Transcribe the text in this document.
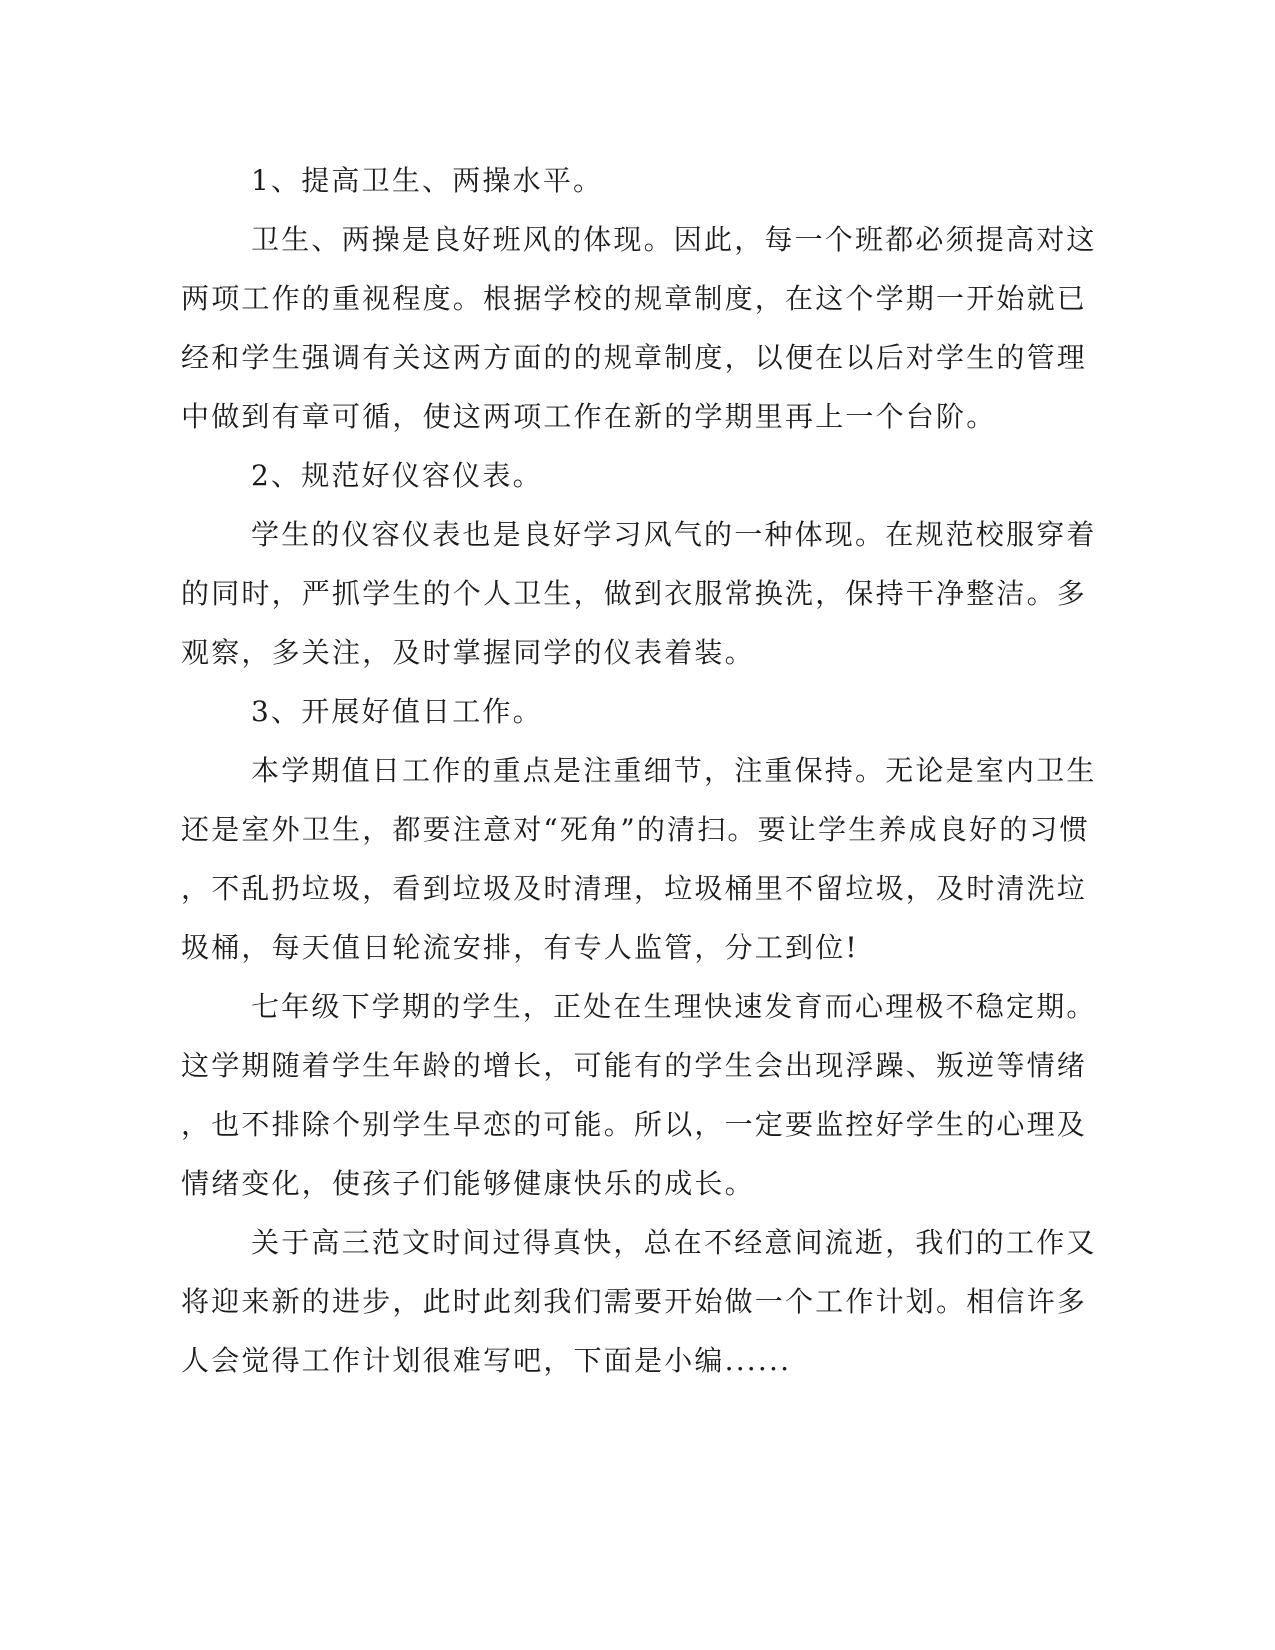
1、提高卫生、两操水平。
卫生、两操是良好班风的体现。因此，每一个班都必须提高对这
两项工作的重视程度。根据学校的规章制度，在这个学期一开始就已
经和学生强调有关这两方面的的规章制度，以便在以后对学生的管理
中做到有章可循，使这两项工作在新的学期里再上一个台阶。
2、规范好仪容仪表。
学生的仪容仪表也是良好学习风气的一种体现。在规范校服穿着
的同时，严抓学生的个人卫生，做到衣服常换洗，保持干净整洁。多
观察，多关注，及时掌握同学的仪表着装。
3、开展好值日工作。
本学期值日工作的重点是注重细节，注重保持。无论是室内卫生
还是室外卫生，都要注意对“死角”的清扫。要让学生养成良好的习惯
，不乱扔垃圾，看到垃圾及时清理，垃圾桶里不留垃圾，及时清洗垃
圾桶，每天值日轮流安排，有专人监管，分工到位!
七年级下学期的学生，正处在生理快速发育而心理极不稳定期。
这学期随着学生年龄的增长，可能有的学生会出现浮躁、叛逆等情绪
，也不排除个别学生早恋的可能。所以，一定要监控好学生的心理及
情绪变化，使孩子们能够健康快乐的成长。
关于高三范文时间过得真快，总在不经意间流逝，我们的工作又
将迎来新的进步，此时此刻我们需要开始做一个工作计划。相信许多
人会觉得工作计划很难写吧，下面是小编......
